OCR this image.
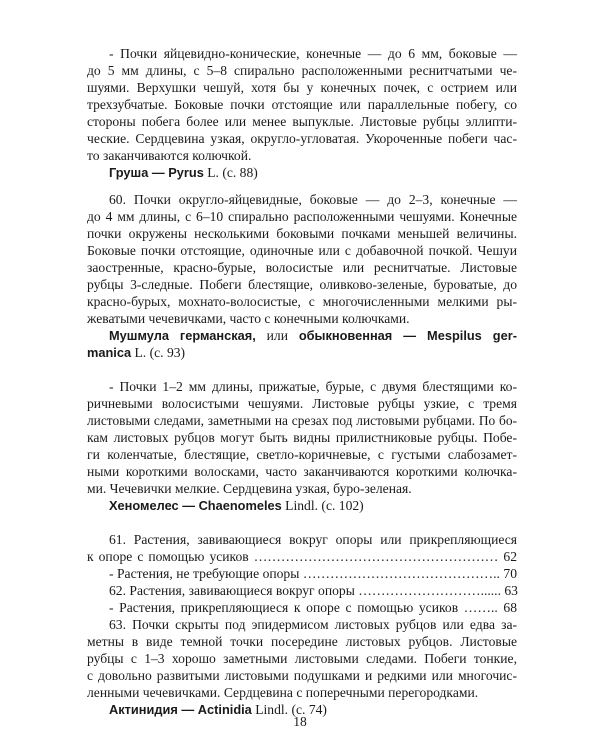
- Почки яйцевидно-конические, конечные — до 6 мм, боковые —
до 5 мм длины, с 5–8 спирально расположенными реснитчатыми че-
шуями. Верхушки чешуй, хотя бы у конечных почек, с острием или
трехзубчатые. Боковые почки отстоящие или параллельные побегу, со
стороны побега более или менее выпуклые. Листовые рубцы эллипти-
ческие. Сердцевина узкая, округло-угловатая. Укороченные побеги час-
то заканчиваются колючкой.
Груша — Pyrus L. (с. 88)
60. Почки округло-яйцевидные, боковые — до 2–3, конечные —
до 4 мм длины, с 6–10 спирально расположенными чешуями. Конечные
почки окружены несколькими боковыми почками меньшей величины.
Боковые почки отстоящие, одиночные или с добавочной почкой. Чешуи
заостренные, красно-бурые, волосистые или реснитчатые. Листовые
рубцы 3-следные. Побеги блестящие, оливково-зеленые, буроватые, до
красно-бурых, мохнато-волосистые, с многочисленными мелкими ры-
жеватыми чечевичками, часто с конечными колючками.
Мушмула германская, или обыкновенная — Mespilus ger-
manica L. (с. 93)
- Почки 1–2 мм длины, прижатые, бурые, с двумя блестящими ко-
ричневыми волосистыми чешуями. Листовые рубцы узкие, с тремя
листовыми следами, заметными на срезах под листовыми рубцами. По бо-
кам листовых рубцов могут быть видны прилистниковые рубцы. Побе-
ги коленчатые, блестящие, светло-коричневые, с густыми слабозамет-
ными короткими волосками, часто заканчиваются короткими колючка-
ми. Чечевички мелкие. Сердцевина узкая, буро-зеленая.
Хеномелес — Chaenomeles Lindl. (с. 102)
61. Растения, завивающиеся вокруг опоры или прикрепляющиеся
к опоре с помощью усиков ……………………………………………… 62
- Растения, не требующие опоры …………………………………….. 70
62. Растения, завивающиеся вокруг опоры ………………………...... 63
- Растения, прикрепляющиеся к опоре с помощью усиков …….. 68
63. Почки скрыты под эпидермисом листовых рубцов или едва за-
метны в виде темной точки посередине листовых рубцов. Листовые
рубцы с 1–3 хорошо заметными листовыми следами. Побеги тонкие,
с довольно развитыми листовыми подушками и редкими или многочис-
ленными чечевичками. Сердцевина с поперечными перегородками.
Актинидия — Actinidia Lindl. (с. 74)
18
